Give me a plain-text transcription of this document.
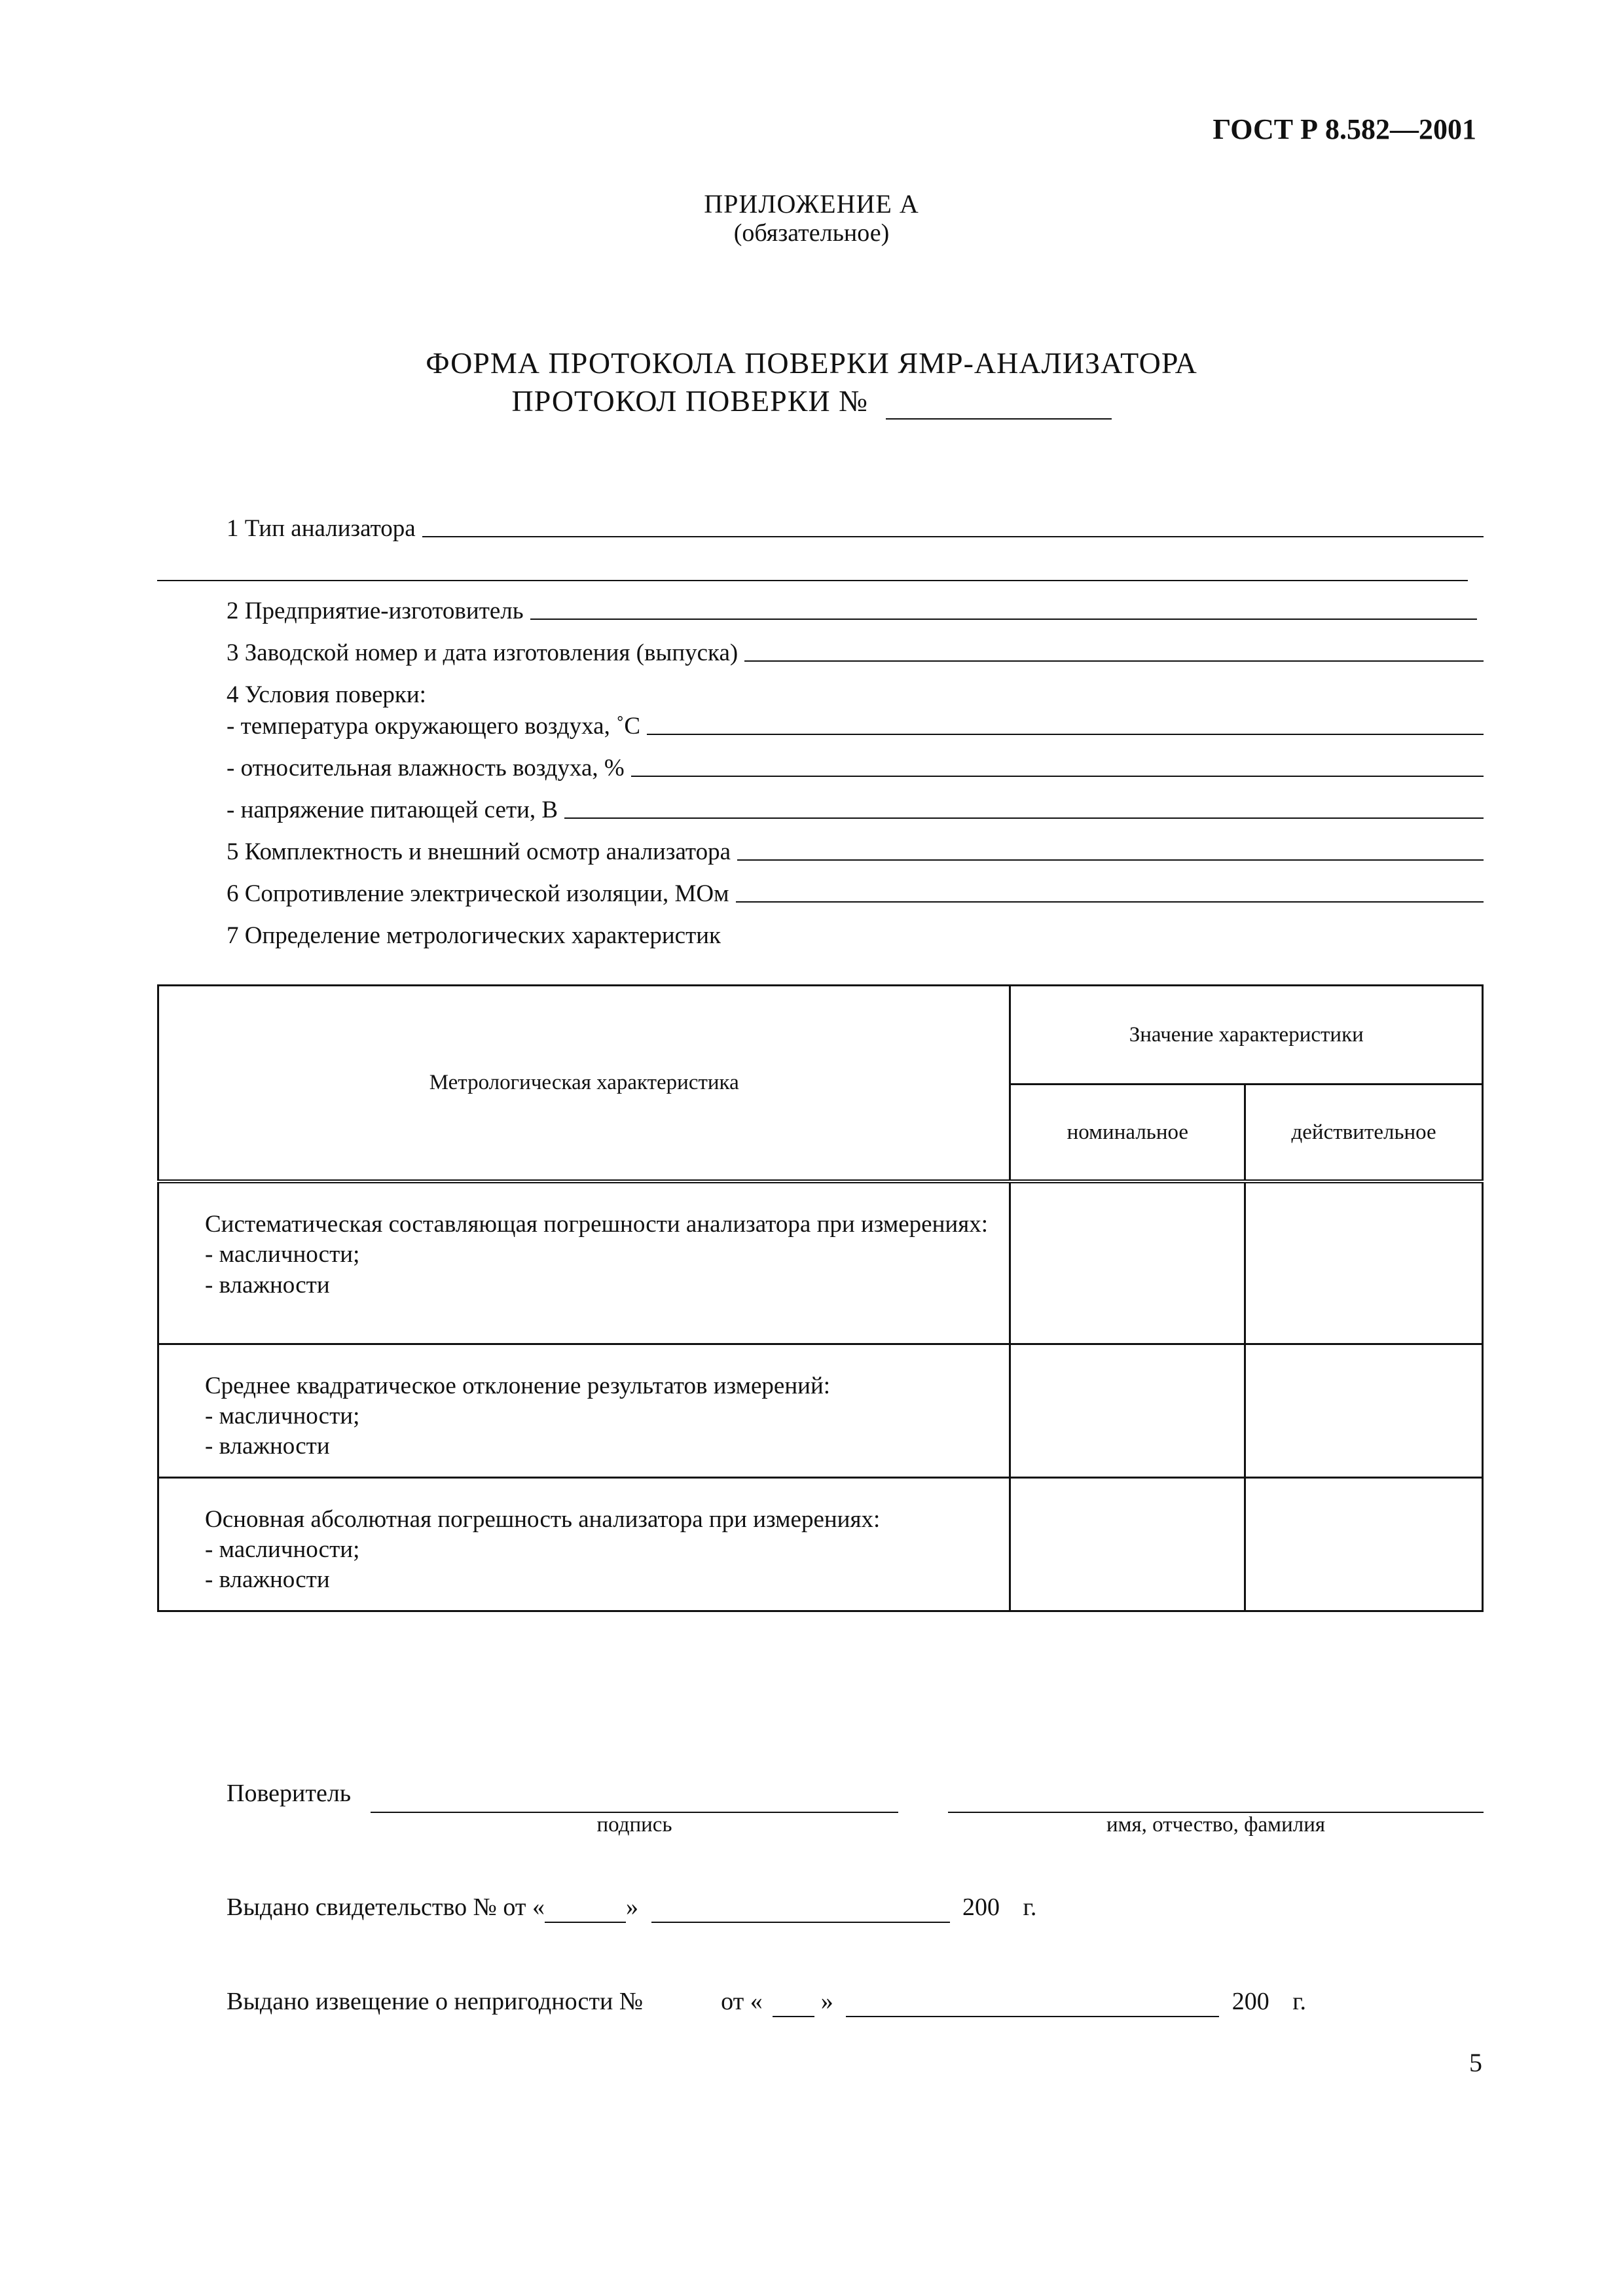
ГОСТ Р 8.582—2001
ПРИЛОЖЕНИЕ А
(обязательное)
ФОРМА ПРОТОКОЛА ПОВЕРКИ ЯМР-АНАЛИЗАТОРА
ПРОТОКОЛ ПОВЕРКИ №
1 Тип анализатора
2 Предприятие-изготовитель
3 Заводской номер и дата изготовления (выпуска)
4 Условия поверки:
- температура окружающего воздуха, ˚С
- относительная влажность воздуха, %
- напряжение питающей сети, В
5 Комплектность и внешний осмотр анализатора
6 Сопротивление электрической изоляции, МОм
7 Определение метрологических характеристик
Метрологическая характеристика	Значение характеристики	
	номинальное	действительное

Систематическая составляющая погрешности анализатора при измерениях:
- масличности;
- влажности		

Среднее квадратическое отклонение результатов измерений:
- масличности;
- влажности		

Основная абсолютная погрешность анализатора при измерениях:
- масличности;
- влажности		

Поверитель
подпись	имя, отчество, фамилия
Выдано свидетельство № от «	»	200 г.
Выдано извещение о непригодности №	от « »	200 г.
5
